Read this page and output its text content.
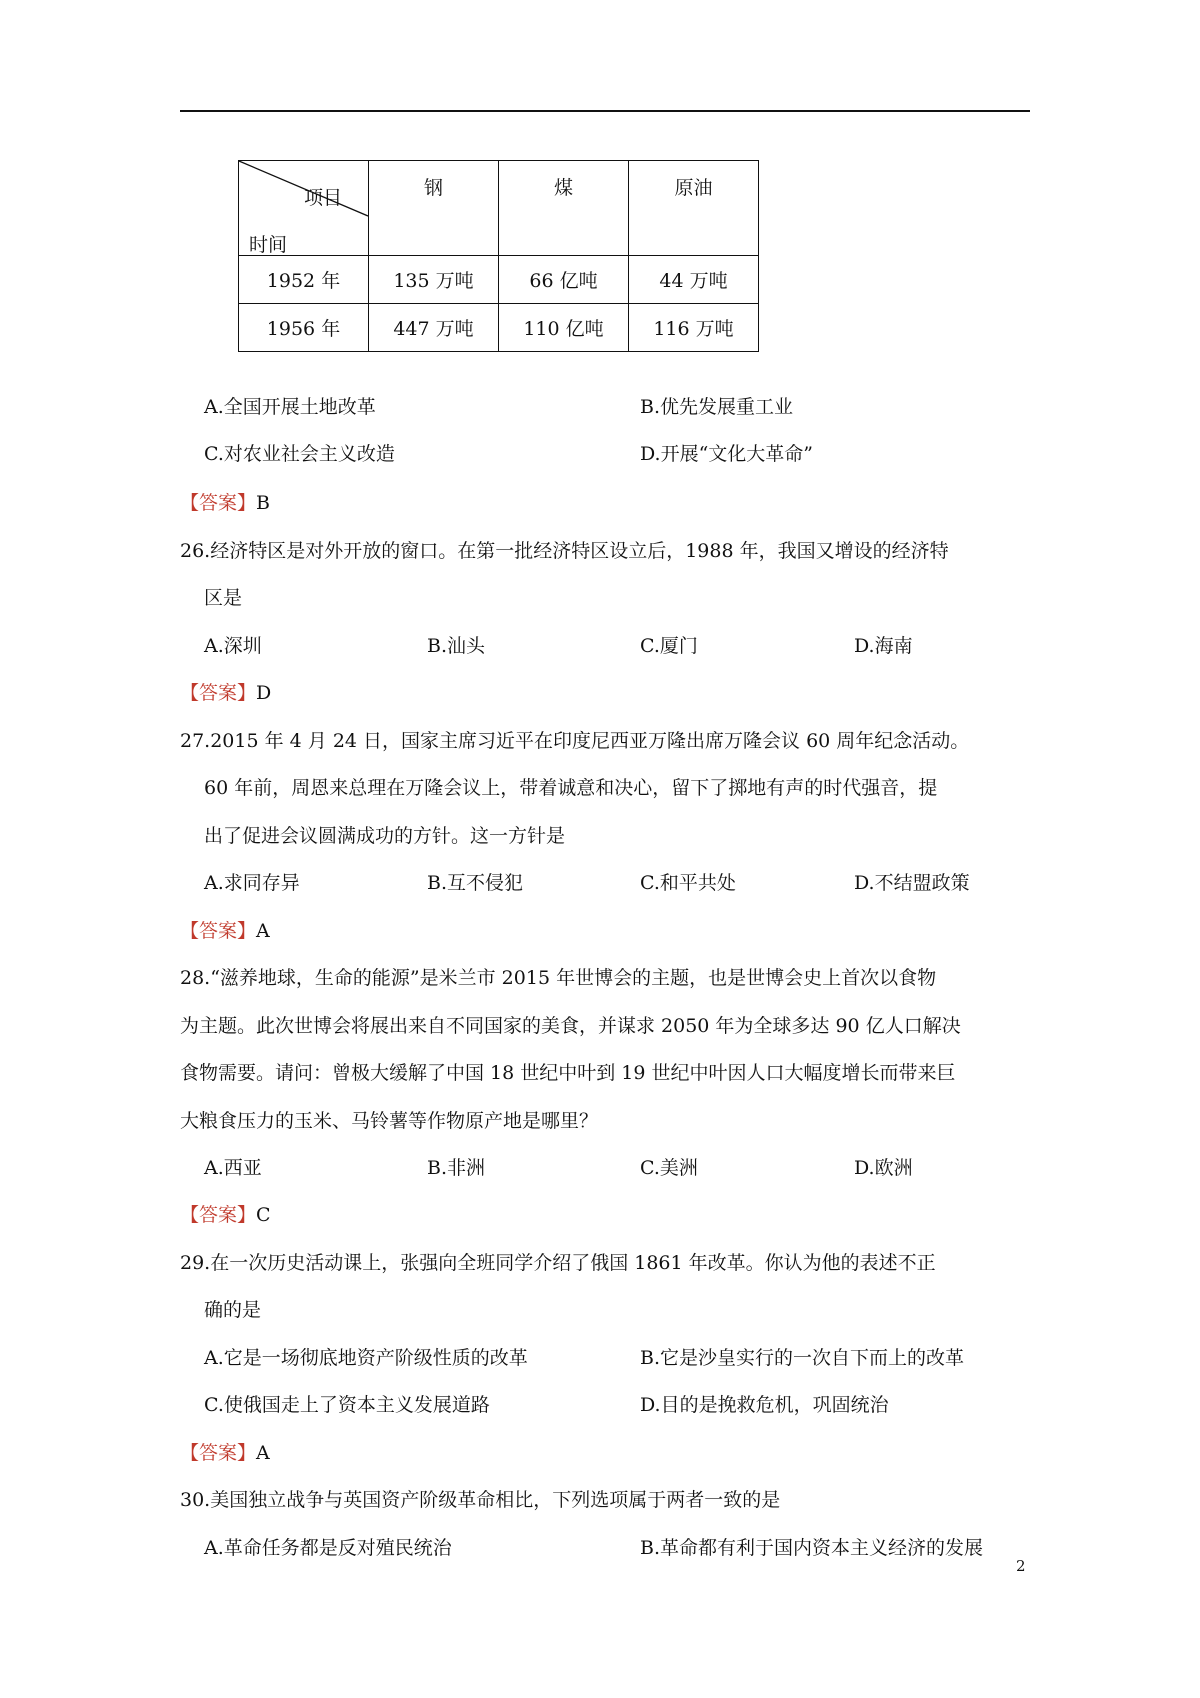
项目
时间	钢	煤	原油

1952 年	135 万吨	66 亿吨	44 万吨
1956 年	447 万吨	110 亿吨	116 万吨
A.全国开展土地改革	B.优先发展重工业
C.对农业社会主义改造	D.开展“文化大革命”
【答案】B
26.经济特区是对外开放的窗口。在第一批经济特区设立后，1988 年，我国又增设的经济特
区是
A.深圳	B.汕头	C.厦门	D.海南
【答案】D
27.2015 年 4 月 24 日，国家主席习近平在印度尼西亚万隆出席万隆会议 60 周年纪念活动。
60 年前，周恩来总理在万隆会议上，带着诚意和决心，留下了掷地有声的时代强音，提
出了促进会议圆满成功的方针。这一方针是
A.求同存异	B.互不侵犯	C.和平共处	D.不结盟政策
【答案】A
28.“滋养地球，生命的能源”是米兰市 2015 年世博会的主题，也是世博会史上首次以食物
为主题。此次世博会将展出来自不同国家的美食，并谋求 2050 年为全球多达 90 亿人口解决
食物需要。请问：曾极大缓解了中国 18 世纪中叶到 19 世纪中叶因人口大幅度增长而带来巨
大粮食压力的玉米、马铃薯等作物原产地是哪里？
A.西亚	B.非洲	C.美洲	D.欧洲
【答案】C
29.在一次历史活动课上，张强向全班同学介绍了俄国 1861 年改革。你认为他的表述不正
确的是
A.它是一场彻底地资产阶级性质的改革	B.它是沙皇实行的一次自下而上的改革
C.使俄国走上了资本主义发展道路	D.目的是挽救危机，巩固统治
【答案】A
30.美国独立战争与英国资产阶级革命相比，下列选项属于两者一致的是
A.革命任务都是反对殖民统治	B.革命都有利于国内资本主义经济的发展
2
